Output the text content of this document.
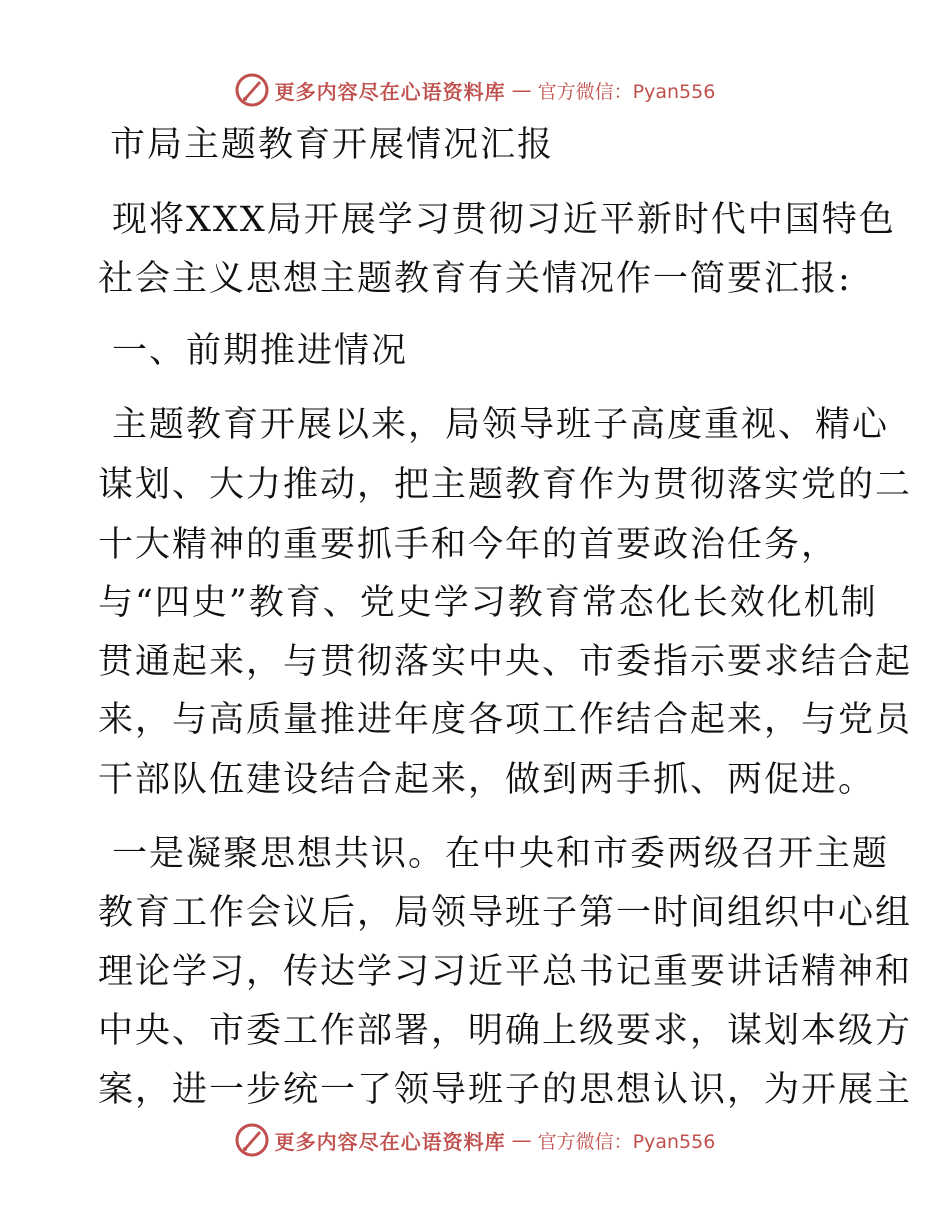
更多内容尽在心语资料库 — 官方微信：Pyan556
市局主题教育开展情况汇报
现将XXX局开展学习贯彻习近平新时代中国特色
社会主义思想主题教育有关情况作一简要汇报:
一、前期推进情况
主题教育开展以来，局领导班子高度重视、精心
谋划、大力推动，把主题教育作为贯彻落实党的二
十大精神的重要抓手和今年的首要政治任务，
与“四史”教育、党史学习教育常态化长效化机制
贯通起来，与贯彻落实中央、市委指示要求结合起
来，与高质量推进年度各项工作结合起来，与党员
干部队伍建设结合起来，做到两手抓、两促进。
一是凝聚思想共识。在中央和市委两级召开主题
教育工作会议后，局领导班子第一时间组织中心组
理论学习，传达学习习近平总书记重要讲话精神和
中央、市委工作部署，明确上级要求，谋划本级方
案，进一步统一了领导班子的思想认识，为开展主
更多内容尽在心语资料库 — 官方微信：Pyan556
